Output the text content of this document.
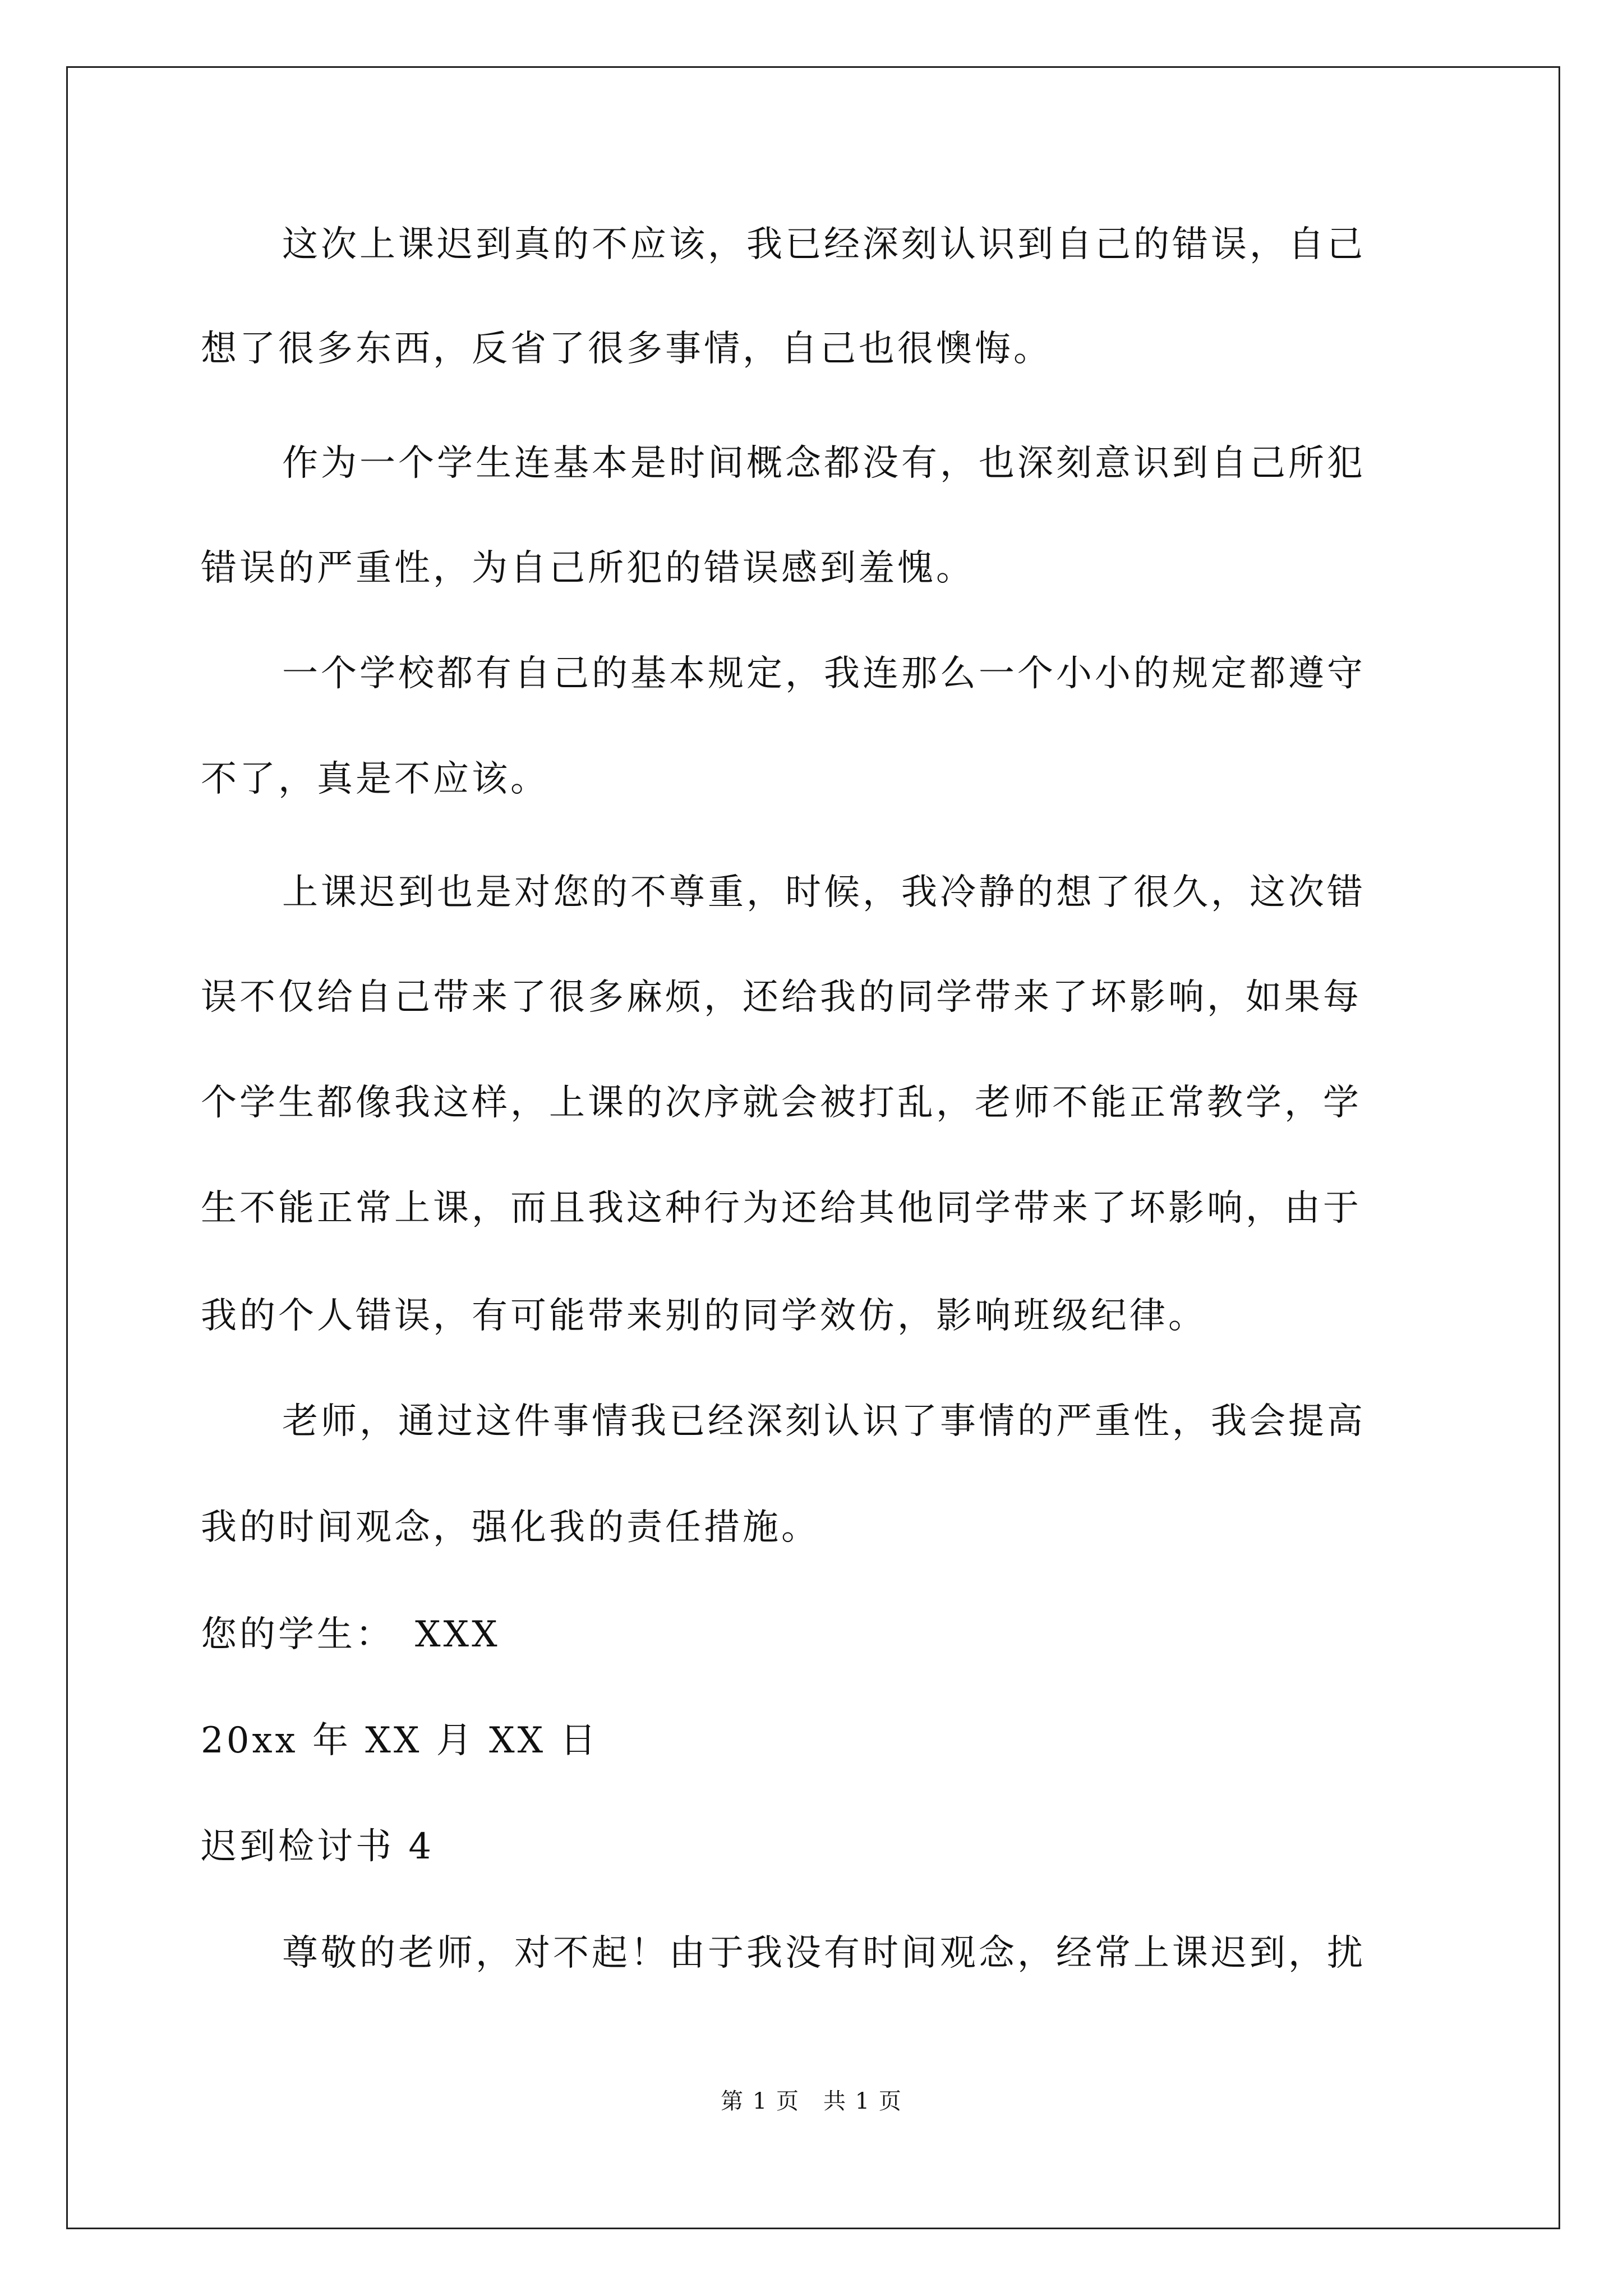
这次上课迟到真的不应该，我已经深刻认识到自己的错误，自己
想了很多东西，反省了很多事情，自己也很懊悔。
作为一个学生连基本是时间概念都没有，也深刻意识到自己所犯
错误的严重性，为自己所犯的错误感到羞愧。
一个学校都有自己的基本规定，我连那么一个小小的规定都遵守
不了，真是不应该。
上课迟到也是对您的不尊重，时候，我冷静的想了很久，这次错
误不仅给自己带来了很多麻烦，还给我的同学带来了坏影响，如果每
个学生都像我这样，上课的次序就会被打乱，老师不能正常教学，学
生不能正常上课，而且我这种行为还给其他同学带来了坏影响，由于
我的个人错误，有可能带来别的同学效仿，影响班级纪律。
老师，通过这件事情我已经深刻认识了事情的严重性，我会提高
我的时间观念，强化我的责任措施。
您的学生：　XXX
20xx 年 XX 月 XX 日
迟到检讨书 4
尊敬的老师，对不起！由于我没有时间观念，经常上课迟到，扰
第 1 页　共 1 页
